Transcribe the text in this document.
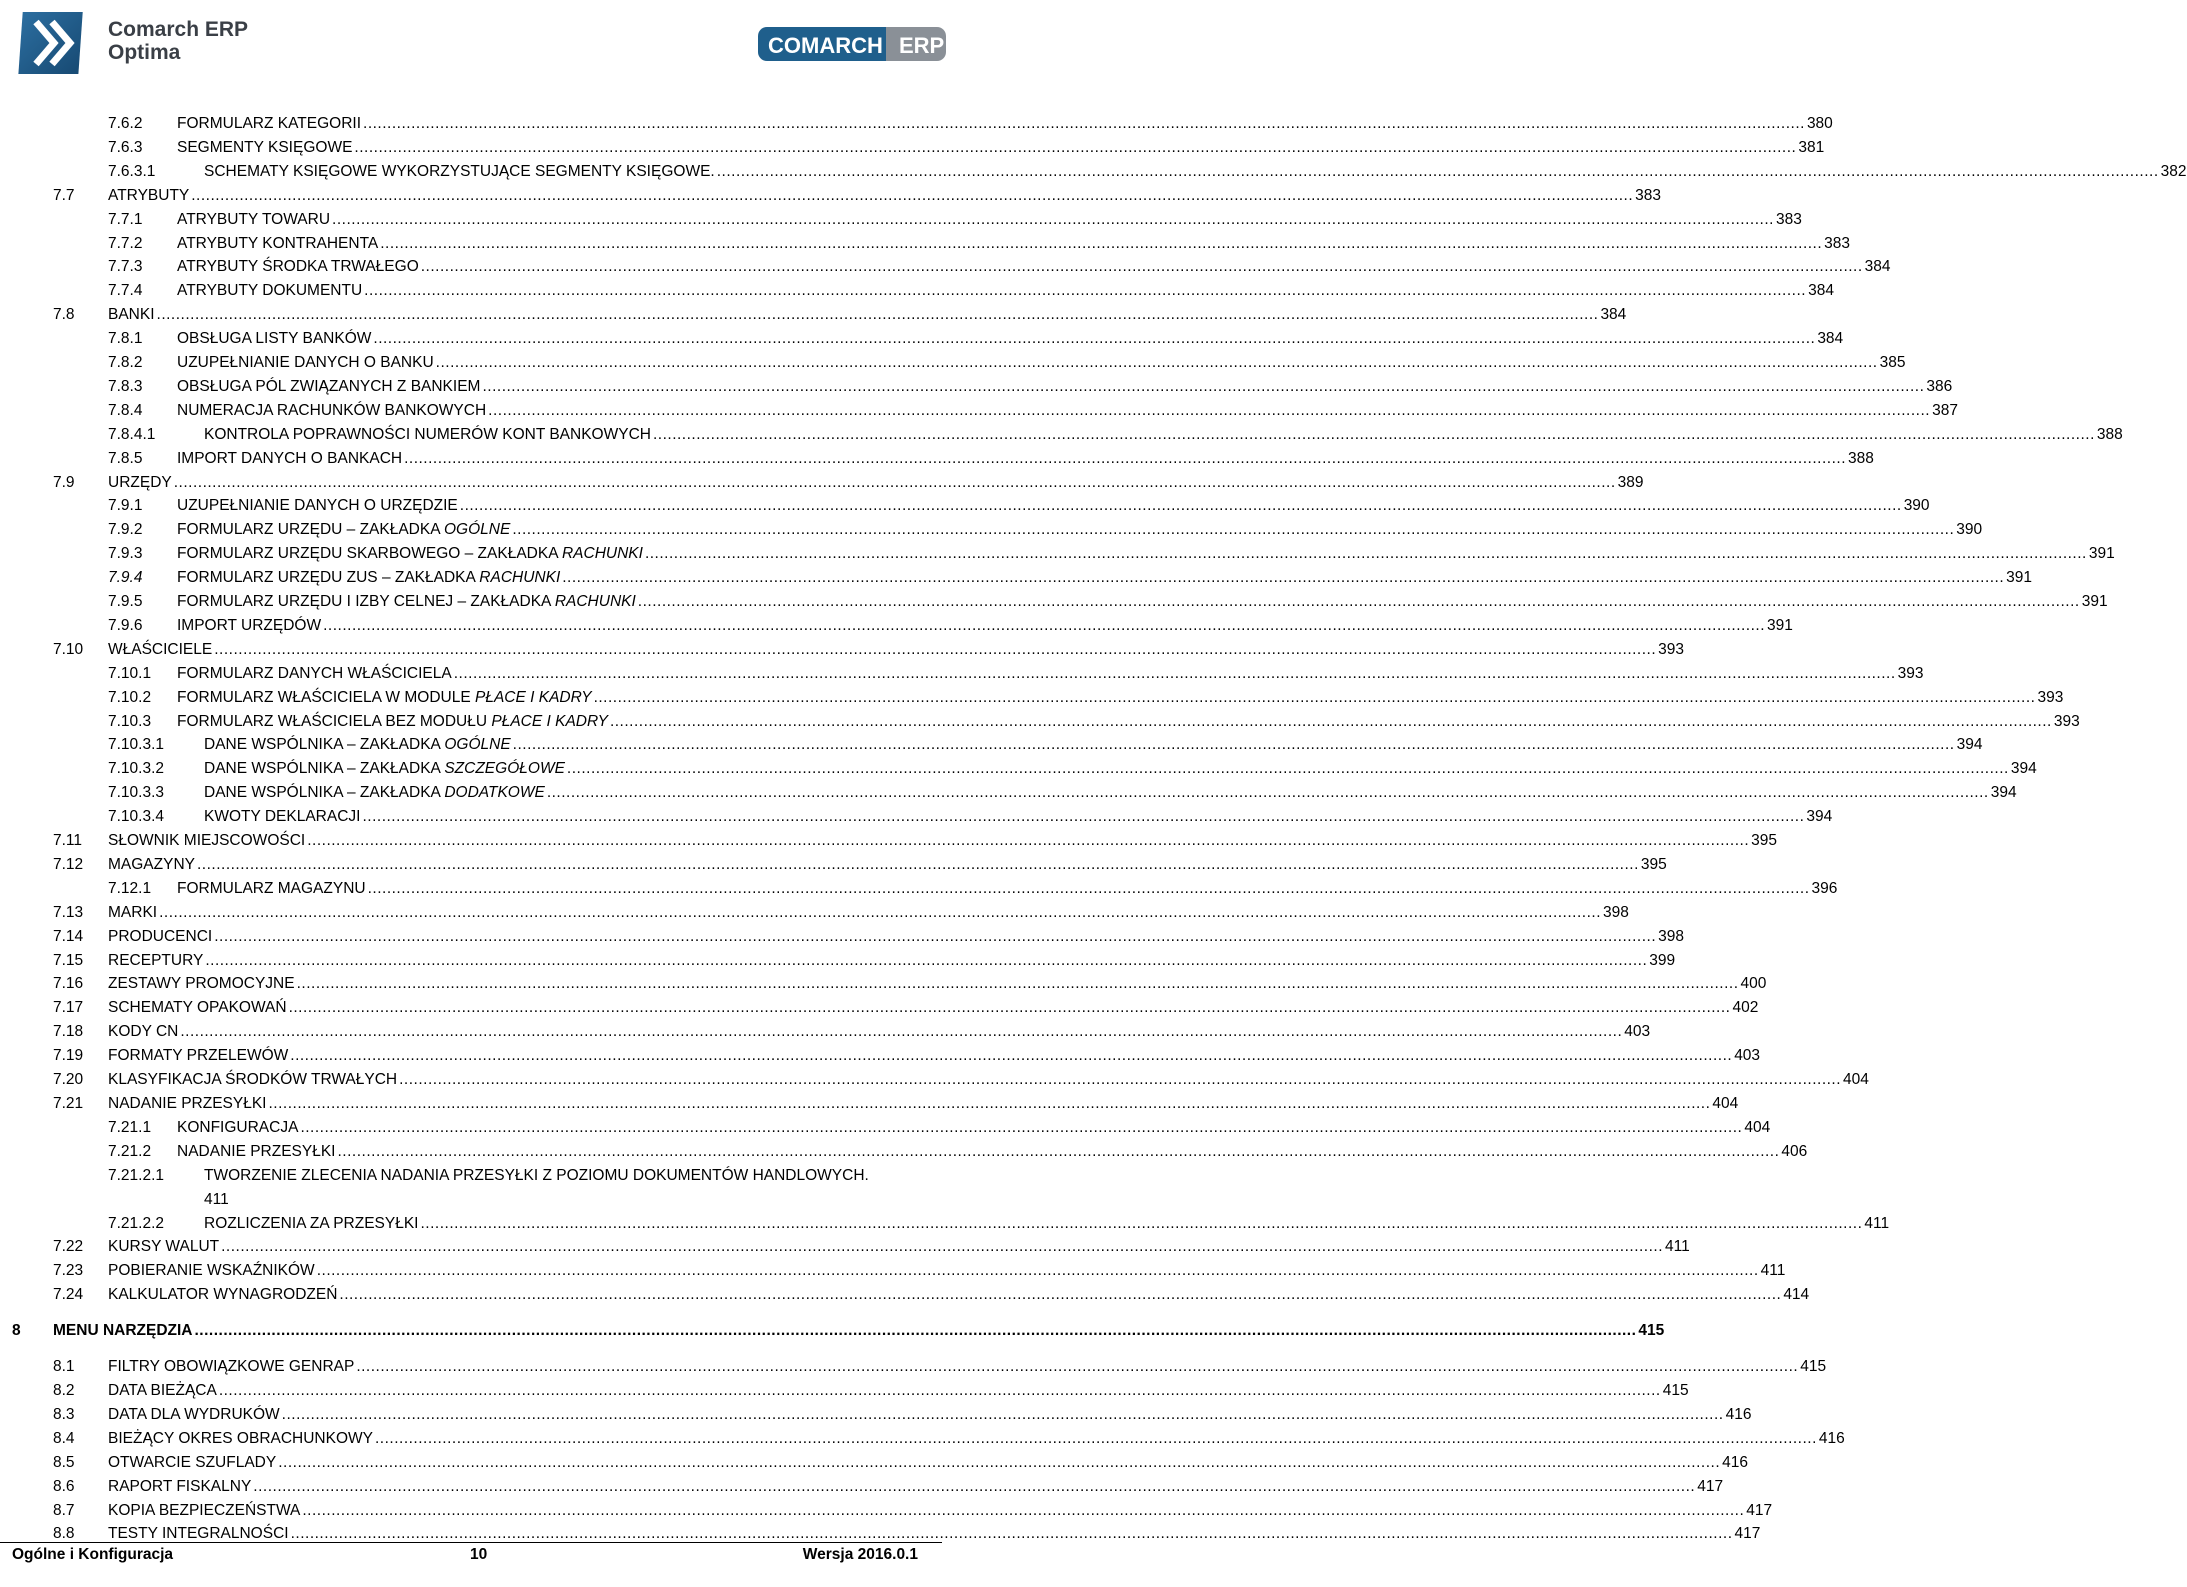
Comarch ERP
Optima	COMARCH ERP
7.6.2 FORMULARZ KATEGORII ............................................................................................................................................................................................................................................................................................................ 380
7.6.3 SEGMENTY KSIĘGOWE ............................................................................................................................................................................................................................................................................................................ 381
7.6.3.1	SCHEMATY KSIĘGOWE WYKORZYSTUJĄCE SEGMENTY KSIĘGOWE. ............................................................................................................................................................................................................................................................................................................ 382
7.7 ATRYBUTY ............................................................................................................................................................................................................................................................................................................ 383
7.7.1 ATRYBUTY TOWARU ............................................................................................................................................................................................................................................................................................................ 383
7.7.2 ATRYBUTY KONTRAHENTA ............................................................................................................................................................................................................................................................................................................ 383
7.7.3 ATRYBUTY ŚRODKA TRWAŁEGO ............................................................................................................................................................................................................................................................................................................ 384
7.7.4 ATRYBUTY DOKUMENTU ............................................................................................................................................................................................................................................................................................................ 384
7.8 BANKI ............................................................................................................................................................................................................................................................................................................ 384
7.8.1 OBSŁUGA LISTY BANKÓW ............................................................................................................................................................................................................................................................................................................ 384
7.8.2 UZUPEŁNIANIE DANYCH O BANKU ............................................................................................................................................................................................................................................................................................................ 385
7.8.3 OBSŁUGA PÓL ZWIĄZANYCH Z BANKIEM ............................................................................................................................................................................................................................................................................................................ 386
7.8.4 NUMERACJA RACHUNKÓW BANKOWYCH ............................................................................................................................................................................................................................................................................................................ 387
7.8.4.1	KONTROLA POPRAWNOŚCI NUMERÓW KONT BANKOWYCH ............................................................................................................................................................................................................................................................................................................ 388
7.8.5 IMPORT DANYCH O BANKACH ............................................................................................................................................................................................................................................................................................................ 388
7.9 URZĘDY ............................................................................................................................................................................................................................................................................................................ 389
7.9.1 UZUPEŁNIANIE DANYCH O URZĘDZIE ............................................................................................................................................................................................................................................................................................................ 390
7.9.2 FORMULARZ URZĘDU – ZAKŁADKA OGÓLNE ............................................................................................................................................................................................................................................................................................................ 390
7.9.3 FORMULARZ URZĘDU SKARBOWEGO – ZAKŁADKA RACHUNKI ............................................................................................................................................................................................................................................................................................................ 391
7.9.4 FORMULARZ URZĘDU ZUS – ZAKŁADKA RACHUNKI ............................................................................................................................................................................................................................................................................................................ 391
7.9.5 FORMULARZ URZĘDU I IZBY CELNEJ – ZAKŁADKA RACHUNKI ............................................................................................................................................................................................................................................................................................................ 391
7.9.6 IMPORT URZĘDÓW ............................................................................................................................................................................................................................................................................................................ 391
7.10 WŁAŚCICIELE ............................................................................................................................................................................................................................................................................................................ 393
7.10.1 FORMULARZ DANYCH WŁAŚCICIELA ............................................................................................................................................................................................................................................................................................................ 393
7.10.2 FORMULARZ WŁAŚCICIELA W MODULE PŁACE I KADRY ............................................................................................................................................................................................................................................................................................................ 393
7.10.3 FORMULARZ WŁAŚCICIELA BEZ MODUŁU PŁACE I KADRY ............................................................................................................................................................................................................................................................................................................ 393
7.10.3.1	DANE WSPÓLNIKA – ZAKŁADKA OGÓLNE ............................................................................................................................................................................................................................................................................................................ 394
7.10.3.2	DANE WSPÓLNIKA – ZAKŁADKA SZCZEGÓŁOWE ............................................................................................................................................................................................................................................................................................................ 394
7.10.3.3	DANE WSPÓLNIKA – ZAKŁADKA DODATKOWE ............................................................................................................................................................................................................................................................................................................ 394
7.10.3.4	KWOTY DEKLARACJI ............................................................................................................................................................................................................................................................................................................ 394
7.11 SŁOWNIK MIEJSCOWOŚCI ............................................................................................................................................................................................................................................................................................................ 395
7.12 MAGAZYNY ............................................................................................................................................................................................................................................................................................................ 395
7.12.1 FORMULARZ MAGAZYNU ............................................................................................................................................................................................................................................................................................................ 396
7.13 MARKI ............................................................................................................................................................................................................................................................................................................ 398
7.14 PRODUCENCI ............................................................................................................................................................................................................................................................................................................ 398
7.15 RECEPTURY ............................................................................................................................................................................................................................................................................................................ 399
7.16 ZESTAWY PROMOCYJNE ............................................................................................................................................................................................................................................................................................................ 400
7.17 SCHEMATY OPAKOWAŃ ............................................................................................................................................................................................................................................................................................................ 402
7.18 KODY CN ............................................................................................................................................................................................................................................................................................................ 403
7.19 FORMATY PRZELEWÓW ............................................................................................................................................................................................................................................................................................................ 403
7.20 KLASYFIKACJA ŚRODKÓW TRWAŁYCH ............................................................................................................................................................................................................................................................................................................ 404
7.21 NADANIE PRZESYŁKI ............................................................................................................................................................................................................................................................................................................ 404
7.21.1 KONFIGURACJA ............................................................................................................................................................................................................................................................................................................ 404
7.21.2 NADANIE PRZESYŁKI ............................................................................................................................................................................................................................................................................................................ 406
7.21.2.1	TWORZENIE ZLECENIA NADANIA PRZESYŁKI Z POZIOMU DOKUMENTÓW HANDLOWYCH.
411
7.21.2.2	ROZLICZENIA ZA PRZESYŁKI ............................................................................................................................................................................................................................................................................................................ 411
7.22 KURSY WALUT ............................................................................................................................................................................................................................................................................................................ 411
7.23 POBIERANIE WSKAŹNIKÓW ............................................................................................................................................................................................................................................................................................................ 411
7.24 KALKULATOR WYNAGRODZEŃ ............................................................................................................................................................................................................................................................................................................ 414
8 MENU NARZĘDZIA ............................................................................................................................................................................................................................................................................................................ 415
8.1 FILTRY OBOWIĄZKOWE GENRAP ............................................................................................................................................................................................................................................................................................................ 415
8.2 DATA BIEŻĄCA ............................................................................................................................................................................................................................................................................................................ 415
8.3 DATA DLA WYDRUKÓW ............................................................................................................................................................................................................................................................................................................ 416
8.4 BIEŻĄCY OKRES OBRACHUNKOWY ............................................................................................................................................................................................................................................................................................................ 416
8.5 OTWARCIE SZUFLADY ............................................................................................................................................................................................................................................................................................................ 416
8.6 RAPORT FISKALNY ............................................................................................................................................................................................................................................................................................................ 417
8.7 KOPIA BEZPIECZEŃSTWA ............................................................................................................................................................................................................................................................................................................ 417
8.8 TESTY INTEGRALNOŚCI ............................................................................................................................................................................................................................................................................................................ 417
Ogólne i Konfiguracja	10	Wersja 2016.0.1
